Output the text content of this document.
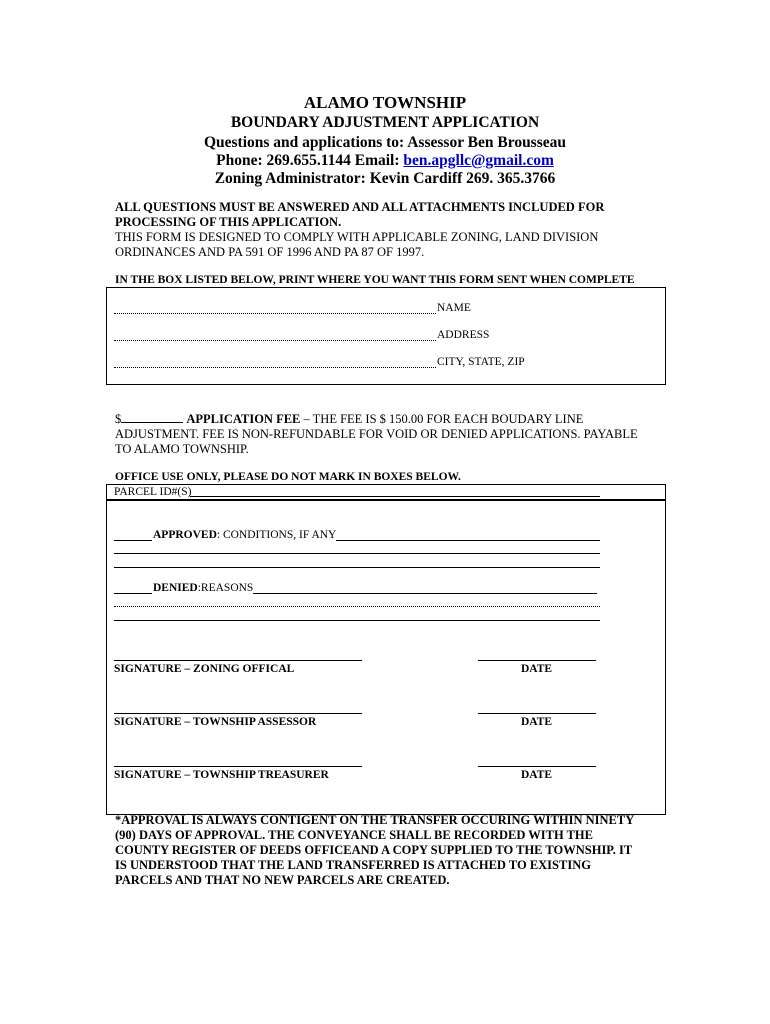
ALAMO TOWNSHIP
BOUNDARY ADJUSTMENT APPLICATION
Questions and applications to: Assessor Ben Brousseau
Phone: 269.655.1144 Email: ben.apgllc@gmail.com
Zoning Administrator: Kevin Cardiff 269. 365.3766
ALL QUESTIONS MUST BE ANSWERED AND ALL ATTACHMENTS INCLUDED FOR
PROCESSING OF THIS APPLICATION.
THIS FORM IS DESIGNED TO COMPLY WITH APPLICABLE ZONING, LAND DIVISION
ORDINANCES AND PA 591 OF 1996 AND PA 87 OF 1997.
IN THE BOX LISTED BELOW, PRINT WHERE YOU WANT THIS FORM SENT WHEN COMPLETE
NAME
ADDRESS
CITY, STATE, ZIP
$	APPLICATION FEE – THE FEE IS $ 150.00 FOR EACH BOUDARY LINE
ADJUSTMENT. FEE IS NON-REFUNDABLE FOR VOID OR DENIED APPLICATIONS. PAYABLE
TO ALAMO TOWNSHIP.
OFFICE USE ONLY, PLEASE DO NOT MARK IN BOXES BELOW.
PARCEL ID#(S)
APPROVED: CONDITIONS, IF ANY
DENIED:REASONS
SIGNATURE – ZONING OFFICAL	DATE
SIGNATURE – TOWNSHIP ASSESSOR	DATE
SIGNATURE – TOWNSHIP TREASURER	DATE
*APPROVAL IS ALWAYS CONTIGENT ON THE TRANSFER OCCURING WITHIN NINETY
(90) DAYS OF APPROVAL. THE CONVEYANCE SHALL BE RECORDED WITH THE
COUNTY REGISTER OF DEEDS OFFICEAND A COPY SUPPLIED TO THE TOWNSHIP. IT
IS UNDERSTOOD THAT THE LAND TRANSFERRED IS ATTACHED TO EXISTING
PARCELS AND THAT NO NEW PARCELS ARE CREATED.
